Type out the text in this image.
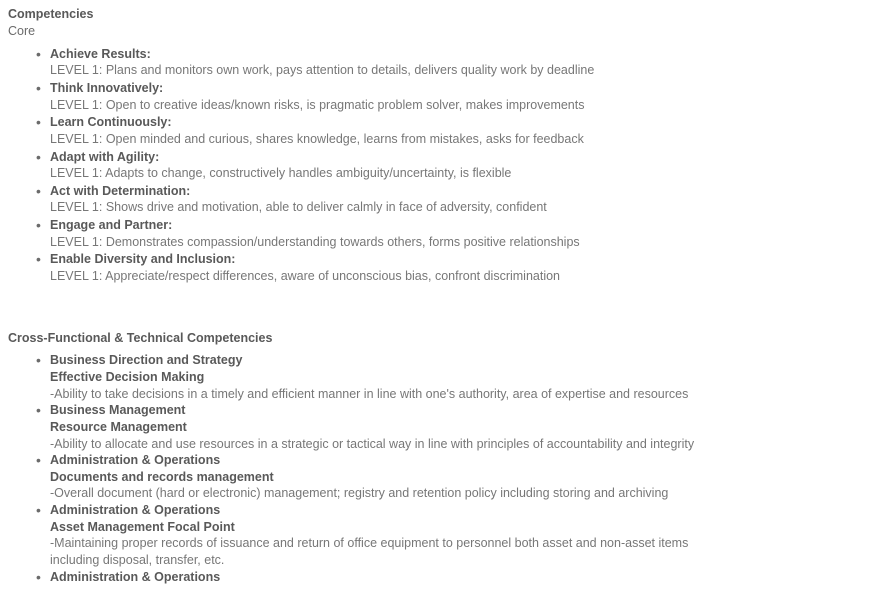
Competencies
Core
• Achieve Results:
LEVEL 1: Plans and monitors own work, pays attention to details, delivers quality work by deadline
• Think Innovatively:
LEVEL 1: Open to creative ideas/known risks, is pragmatic problem solver, makes improvements
• Learn Continuously:
LEVEL 1: Open minded and curious, shares knowledge, learns from mistakes, asks for feedback
• Adapt with Agility:
LEVEL 1: Adapts to change, constructively handles ambiguity/uncertainty, is flexible
• Act with Determination:
LEVEL 1: Shows drive and motivation, able to deliver calmly in face of adversity, confident
• Engage and Partner:
LEVEL 1: Demonstrates compassion/understanding towards others, forms positive relationships
• Enable Diversity and Inclusion:
LEVEL 1: Appreciate/respect differences, aware of unconscious bias, confront discrimination
Cross-Functional & Technical Competencies
• Business Direction and Strategy
Effective Decision Making
-Ability to take decisions in a timely and efficient manner in line with one's authority, area of expertise and resources
• Business Management
Resource Management
-Ability to allocate and use resources in a strategic or tactical way in line with principles of accountability and integrity
• Administration & Operations
Documents and records management
-Overall document (hard or electronic) management; registry and retention policy including storing and archiving
• Administration & Operations
Asset Management Focal Point
-Maintaining proper records of issuance and return of office equipment to personnel both asset and non-asset items including disposal, transfer, etc.
• Administration & Operations
